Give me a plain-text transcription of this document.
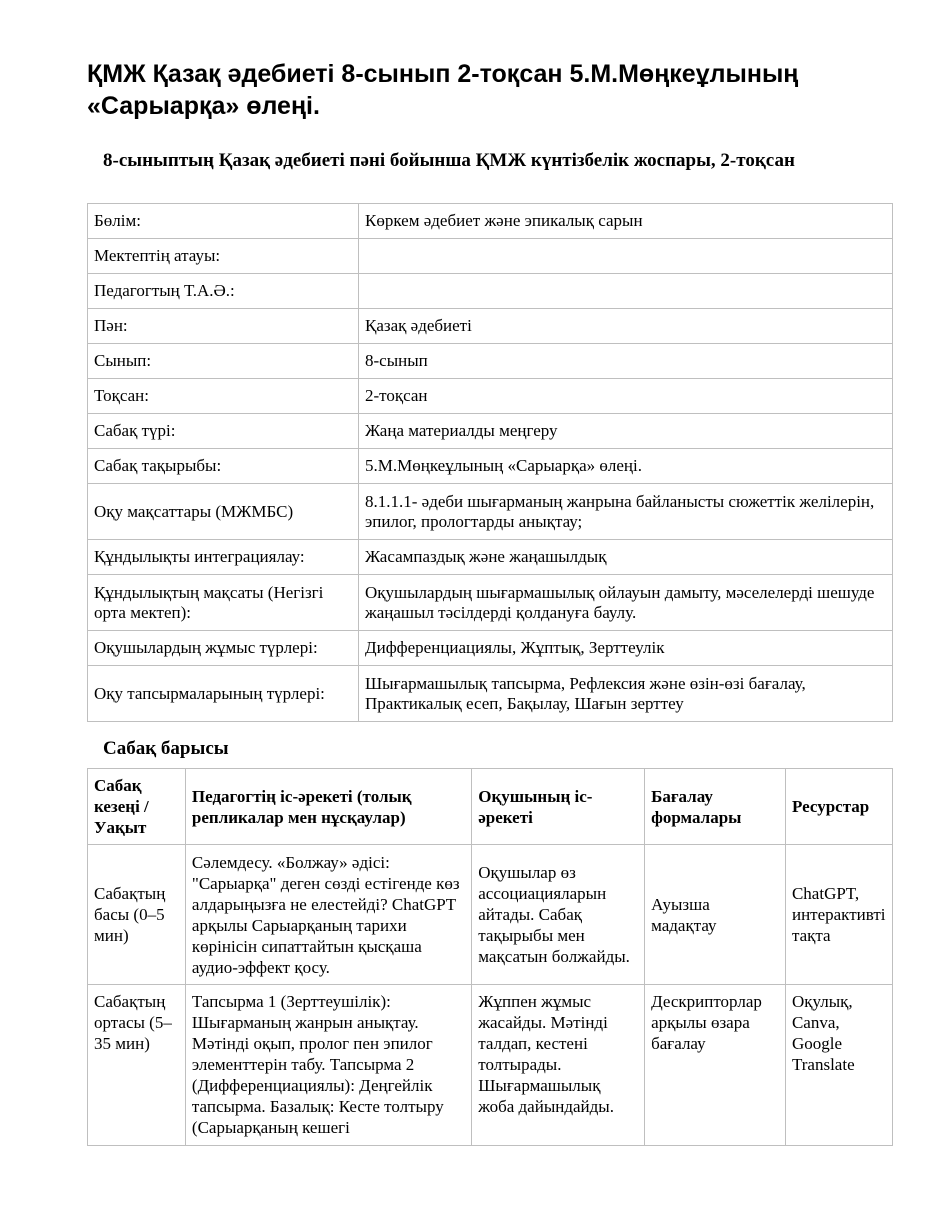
ҚМЖ Қазақ әдебиеті 8-сынып 2-тоқсан 5.М.Мөңкеұлының «Сарыарқа» өлеңі.
8-сыныптың Қазақ әдебиеті пәні бойынша ҚМЖ күнтізбелік жоспары, 2-тоқсан
Бөлім:	Көркем әдебиет және эпикалық сарын
Мектептің атауы:	
Педагогтың Т.А.Ә.:	
Пән:	Қазақ әдебиеті
Сынып:	8-сынып
Тоқсан:	2-тоқсан
Сабақ түрі:	Жаңа материалды меңгеру
Сабақ тақырыбы:	5.М.Мөңкеұлының «Сарыарқа» өлеңі.
Оқу мақсаттары (МЖМБС)	8.1.1.1- әдеби шығарманың жанрына байланысты сюжеттік желілерін, эпилог, прологтарды анықтау;
Құндылықты интеграциялау:	Жасампаздық және жаңашылдық
Құндылықтың мақсаты (Негізгі орта мектеп):	Оқушылардың шығармашылық ойлауын дамыту, мәселелерді шешуде жаңашыл тәсілдерді қолдануға баулу.
Оқушылардың жұмыс түрлері:	Дифференциациялы, Жұптық, Зерттеулік
Оқу тапсырмаларының түрлері:	Шығармашылық тапсырма, Рефлексия және өзін-өзі бағалау, Практикалық есеп, Бақылау, Шағын зерттеу
Сабақ барысы
Сабақ кезеңі / Уақыт	Педагогтің іс-әрекеті (толық репликалар мен нұсқаулар)	Оқушының іс-әрекеті	Бағалау формалары	Ресурстар
Сабақтың басы (0–5 мин)	Сәлемдесу. «Болжау» әдісі: "Сарыарқа" деген сөзді естігенде көз алдарыңызға не елестейді? ChatGPT арқылы Сарыарқаның тарихи көрінісін сипаттайтын қысқаша аудио-эффект қосу.	Оқушылар өз ассоциацияларын айтады. Сабақ тақырыбы мен мақсатын болжайды.	Ауызша мадақтау	ChatGPT, интерактивті тақта
Сабақтың ортасы (5–35 мин)	Тапсырма 1 (Зерттеушілік): Шығарманың жанрын анықтау. Мәтінді оқып, пролог пен эпилог элементтерін табу. Тапсырма 2 (Дифференциациялы): Деңгейлік тапсырма. Базалық: Кесте толтыру (Сарыарқаның кешегі	Жұппен жұмыс жасайды. Мәтінді талдап, кестені толтырады. Шығармашылық жоба дайындайды.	Дескрипторлар арқылы өзара бағалау	Оқулық, Canva, Google Translate
